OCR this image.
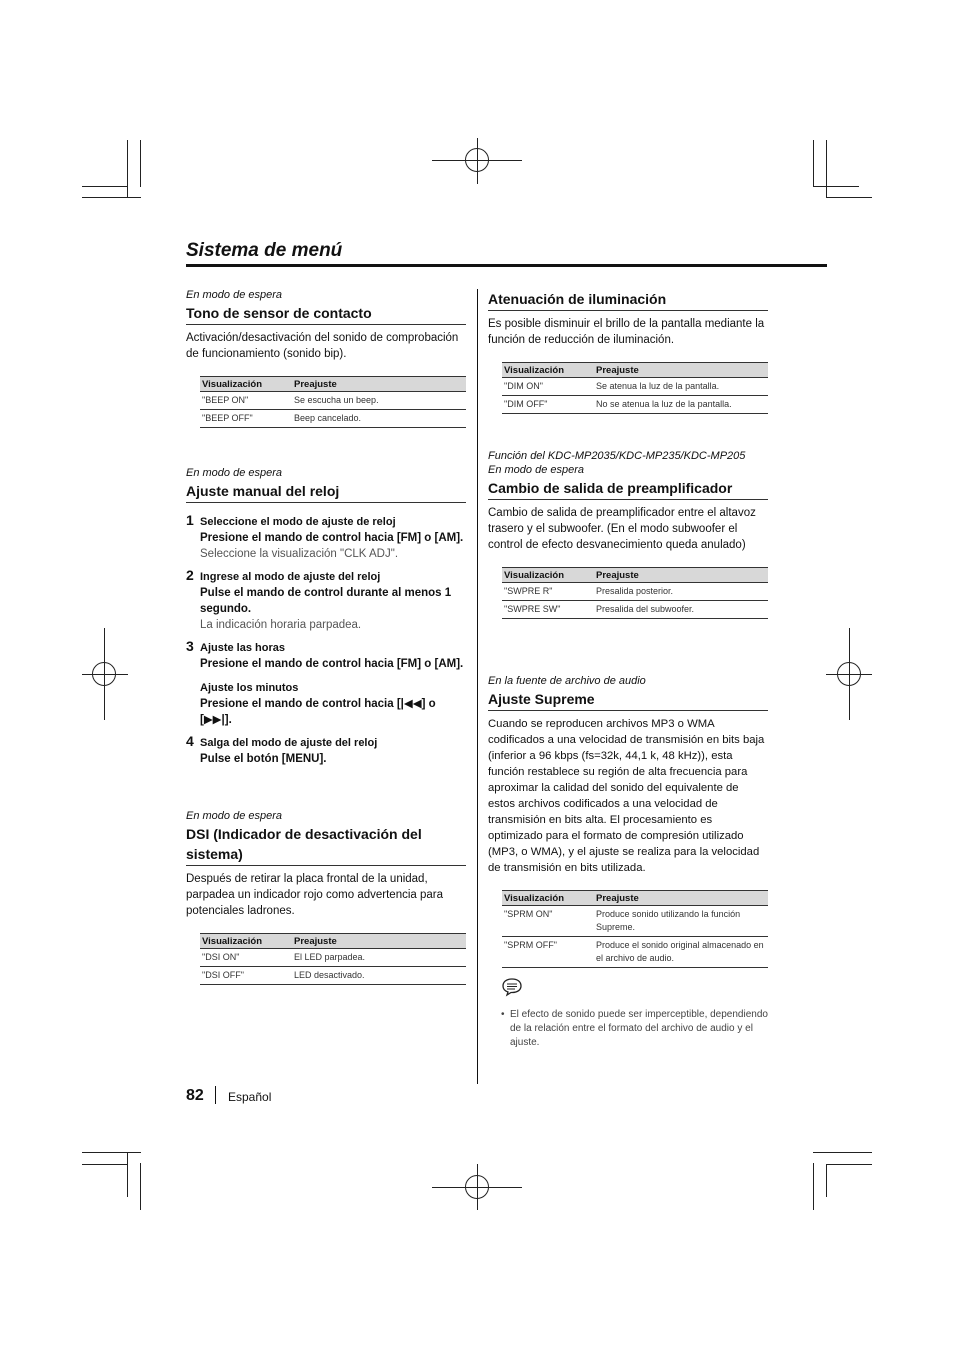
Sistema de menú
En modo de espera
Tono de sensor de contacto
Activación/desactivación del sonido de comprobación de funcionamiento (sonido bip).
Visualización	Preajuste
"BEEP ON"	Se escucha un beep.
"BEEP OFF"	Beep cancelado.
En modo de espera
Ajuste manual del reloj
1 Seleccione el modo de ajuste de reloj
Presione el mando de control hacia [FM] o [AM].
Seleccione la visualización "CLK ADJ".
2 Ingrese al modo de ajuste del reloj
Pulse el mando de control durante al menos 1 segundo.
La indicación horaria parpadea.
3 Ajuste las horas
Presione el mando de control hacia [FM] o [AM].
Ajuste los minutos
Presione el mando de control hacia [|◀◀] o [▶▶|].
4 Salga del modo de ajuste del reloj
Pulse el botón [MENU].
En modo de espera
DSI (Indicador de desactivación del sistema)
Después de retirar la placa frontal de la unidad, parpadea un indicador rojo como advertencia para potenciales ladrones.
Visualización	Preajuste
"DSI ON"	El LED parpadea.
"DSI OFF"	LED desactivado.
Atenuación de iluminación
Es posible disminuir el brillo de la pantalla mediante la función de reducción de iluminación.
Visualización	Preajuste
"DIM ON"	Se atenua la luz de la pantalla.
"DIM OFF"	No se atenua la luz de la pantalla.
Función del KDC-MP2035/KDC-MP235/KDC-MP205
En modo de espera
Cambio de salida de preamplificador
Cambio de salida de preamplificador entre el altavoz trasero y el subwoofer. (En el modo subwoofer el control de efecto desvanecimiento queda anulado)
Visualización	Preajuste
"SWPRE R"	Presalida posterior.
"SWPRE SW"	Presalida del subwoofer.
En la fuente de archivo de audio
Ajuste Supreme
Cuando se reproducen archivos MP3 o WMA codificados a una velocidad de transmisión en bits baja (inferior a 96 kbps (fs=32k, 44,1 k, 48 kHz)), esta función restablece su región de alta frecuencia para aproximar la calidad del sonido del equivalente de estos archivos codificados a una velocidad de transmisión en bits alta. El procesamiento es optimizado para el formato de compresión utilizado (MP3, o WMA), y el ajuste se realiza para la velocidad de transmisión en bits utilizada.
Visualización	Preajuste
"SPRM ON"	Produce sonido utilizando la función Supreme.
"SPRM OFF"	Produce el sonido original almacenado en el archivo de audio.
• El efecto de sonido puede ser imperceptible, dependiendo de la relación entre el formato del archivo de audio y el ajuste.
82 Español
